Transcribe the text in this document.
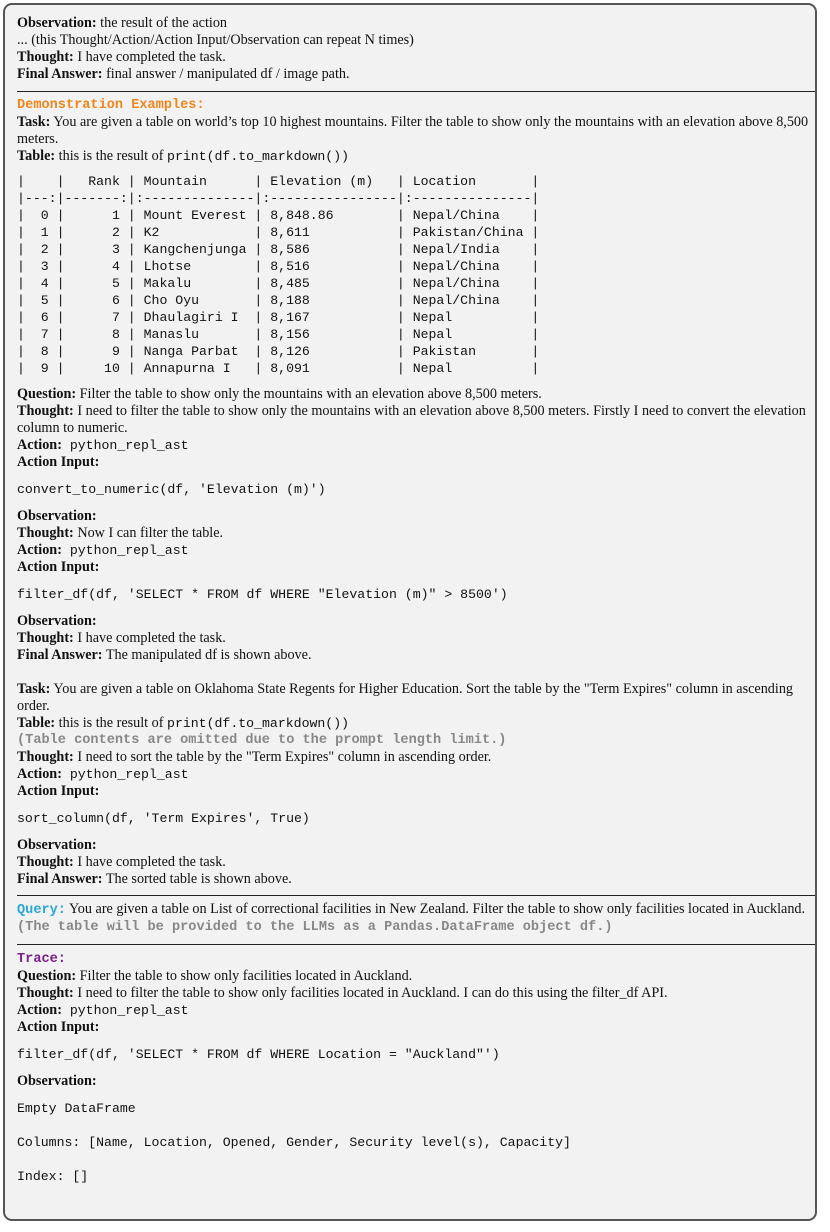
Observation: the result of the action

... (this Thought/Action/Action Input/Observation can repeat N times)

Thought: I have completed the task.

Final Answer: final answer / manipulated df / image path.

Demonstration Examples:

Task: You are given a table on world’s top 10 highest mountains. Filter the table to show only the mountains with an elevation above 8,500 meters.

Table: this is the result of print(df.to_markdown())

|    |   Rank | Mountain      | Elevation (m)   | Location       |
|---:|-------:|:--------------|:----------------|:---------------|
|  0 |      1 | Mount Everest | 8,848.86        | Nepal/China    |
|  1 |      2 | K2            | 8,611           | Pakistan/China |
|  2 |      3 | Kangchenjunga | 8,586           | Nepal/India    |
|  3 |      4 | Lhotse        | 8,516           | Nepal/China    |
|  4 |      5 | Makalu        | 8,485           | Nepal/China    |
|  5 |      6 | Cho Oyu       | 8,188           | Nepal/China    |
|  6 |      7 | Dhaulagiri I  | 8,167           | Nepal          |
|  7 |      8 | Manaslu       | 8,156           | Nepal          |
|  8 |      9 | Nanga Parbat  | 8,126           | Pakistan       |
|  9 |     10 | Annapurna I   | 8,091           | Nepal          |

Question: Filter the table to show only the mountains with an elevation above 8,500 meters.

Thought: I need to filter the table to show only the mountains with an elevation above 8,500 meters. Firstly I need to convert the elevation column to numeric.

Action: python_repl_ast

Action Input:

convert_to_numeric(df, 'Elevation (m)')

Observation:

Thought: Now I can filter the table.

Action: python_repl_ast

Action Input:

filter_df(df, 'SELECT * FROM df WHERE "Elevation (m)" > 8500')

Observation:

Thought: I have completed the task.

Final Answer: The manipulated df is shown above.

Task: You are given a table on Oklahoma State Regents for Higher Education. Sort the table by the "Term Expires" column in ascending order.

Table: this is the result of print(df.to_markdown())

(Table contents are omitted due to the prompt length limit.)

Thought: I need to sort the table by the "Term Expires" column in ascending order.

Action: python_repl_ast

Action Input:

sort_column(df, 'Term Expires', True)

Observation:

Thought: I have completed the task.

Final Answer: The sorted table is shown above.

Query: You are given a table on List of correctional facilities in New Zealand. Filter the table to show only facilities located in Auckland.

(The table will be provided to the LLMs as a Pandas.DataFrame object df.)

Trace:

Question: Filter the table to show only facilities located in Auckland.

Thought: I need to filter the table to show only facilities located in Auckland. I can do this using the filter_df API.

Action: python_repl_ast

Action Input:

filter_df(df, 'SELECT * FROM df WHERE Location = "Auckland"')

Observation:

Empty DataFrame
Columns: [Name, Location, Opened, Gender, Security level(s), Capacity]
Index: []
